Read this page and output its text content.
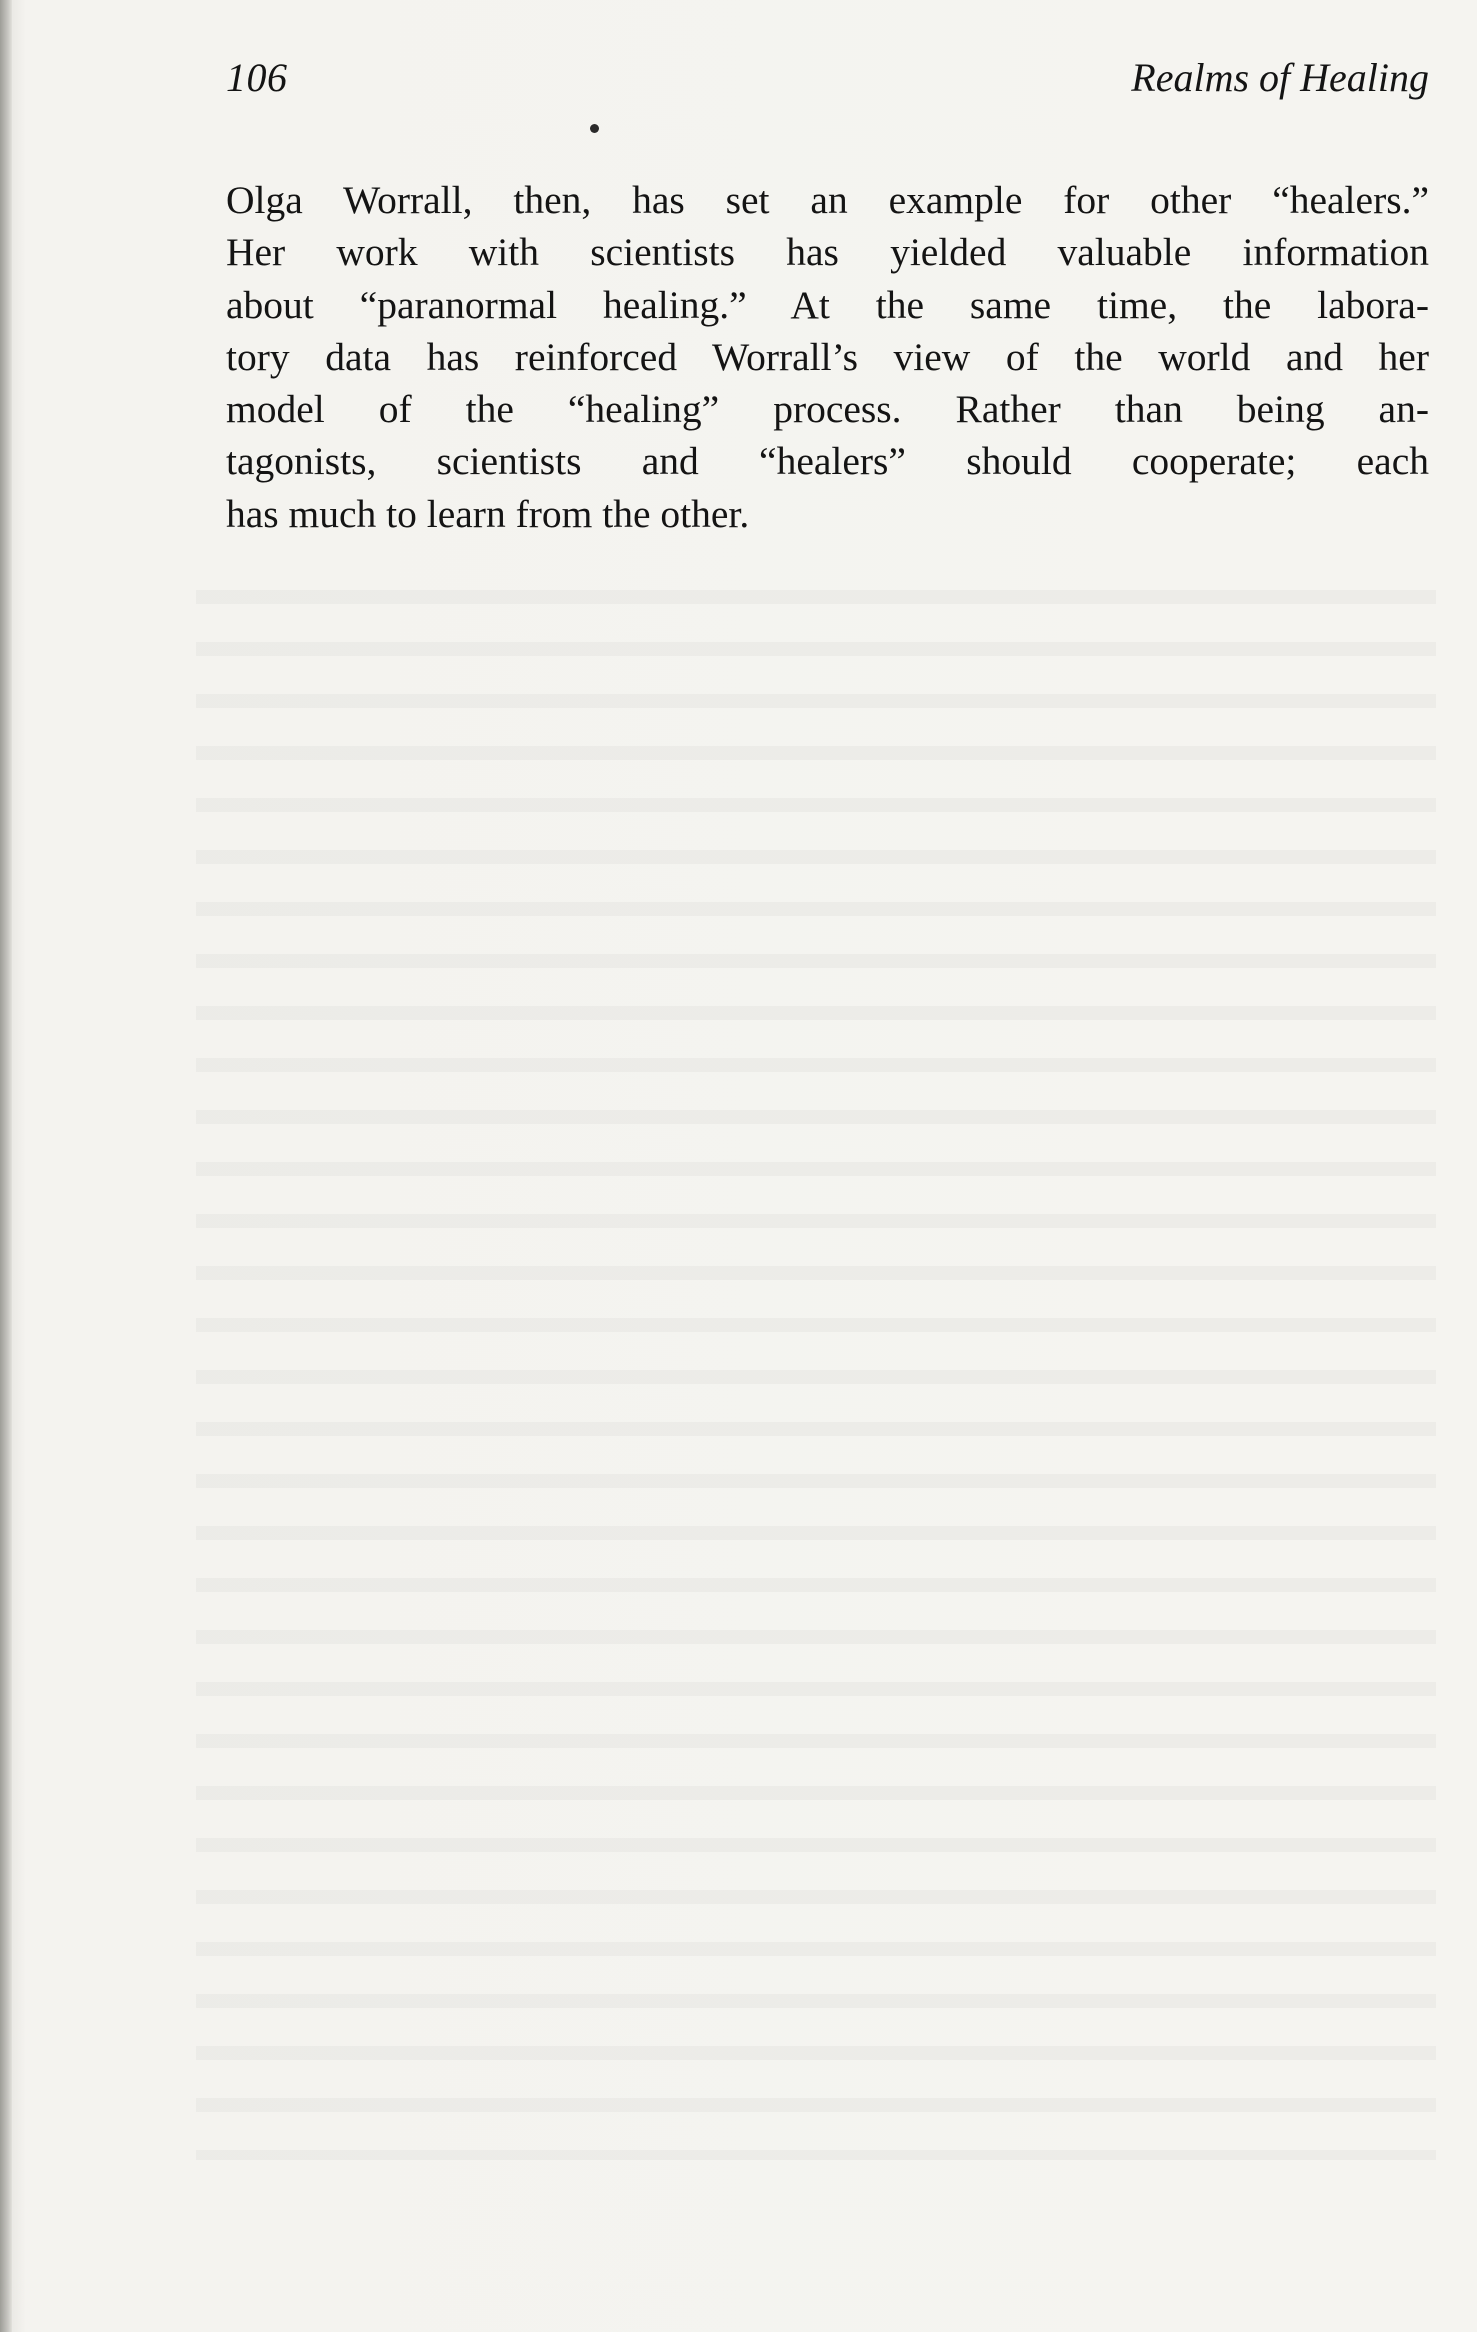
106	Realms of Healing

Olga Worrall, then, has set an example for other “healers.”
Her work with scientists has yielded valuable information
about “paranormal healing.” At the same time, the labora-
tory data has reinforced Worrall’s view of the world and her
model of the “healing” process. Rather than being an-
tagonists, scientists and “healers” should cooperate; each
has much to learn from the other.
